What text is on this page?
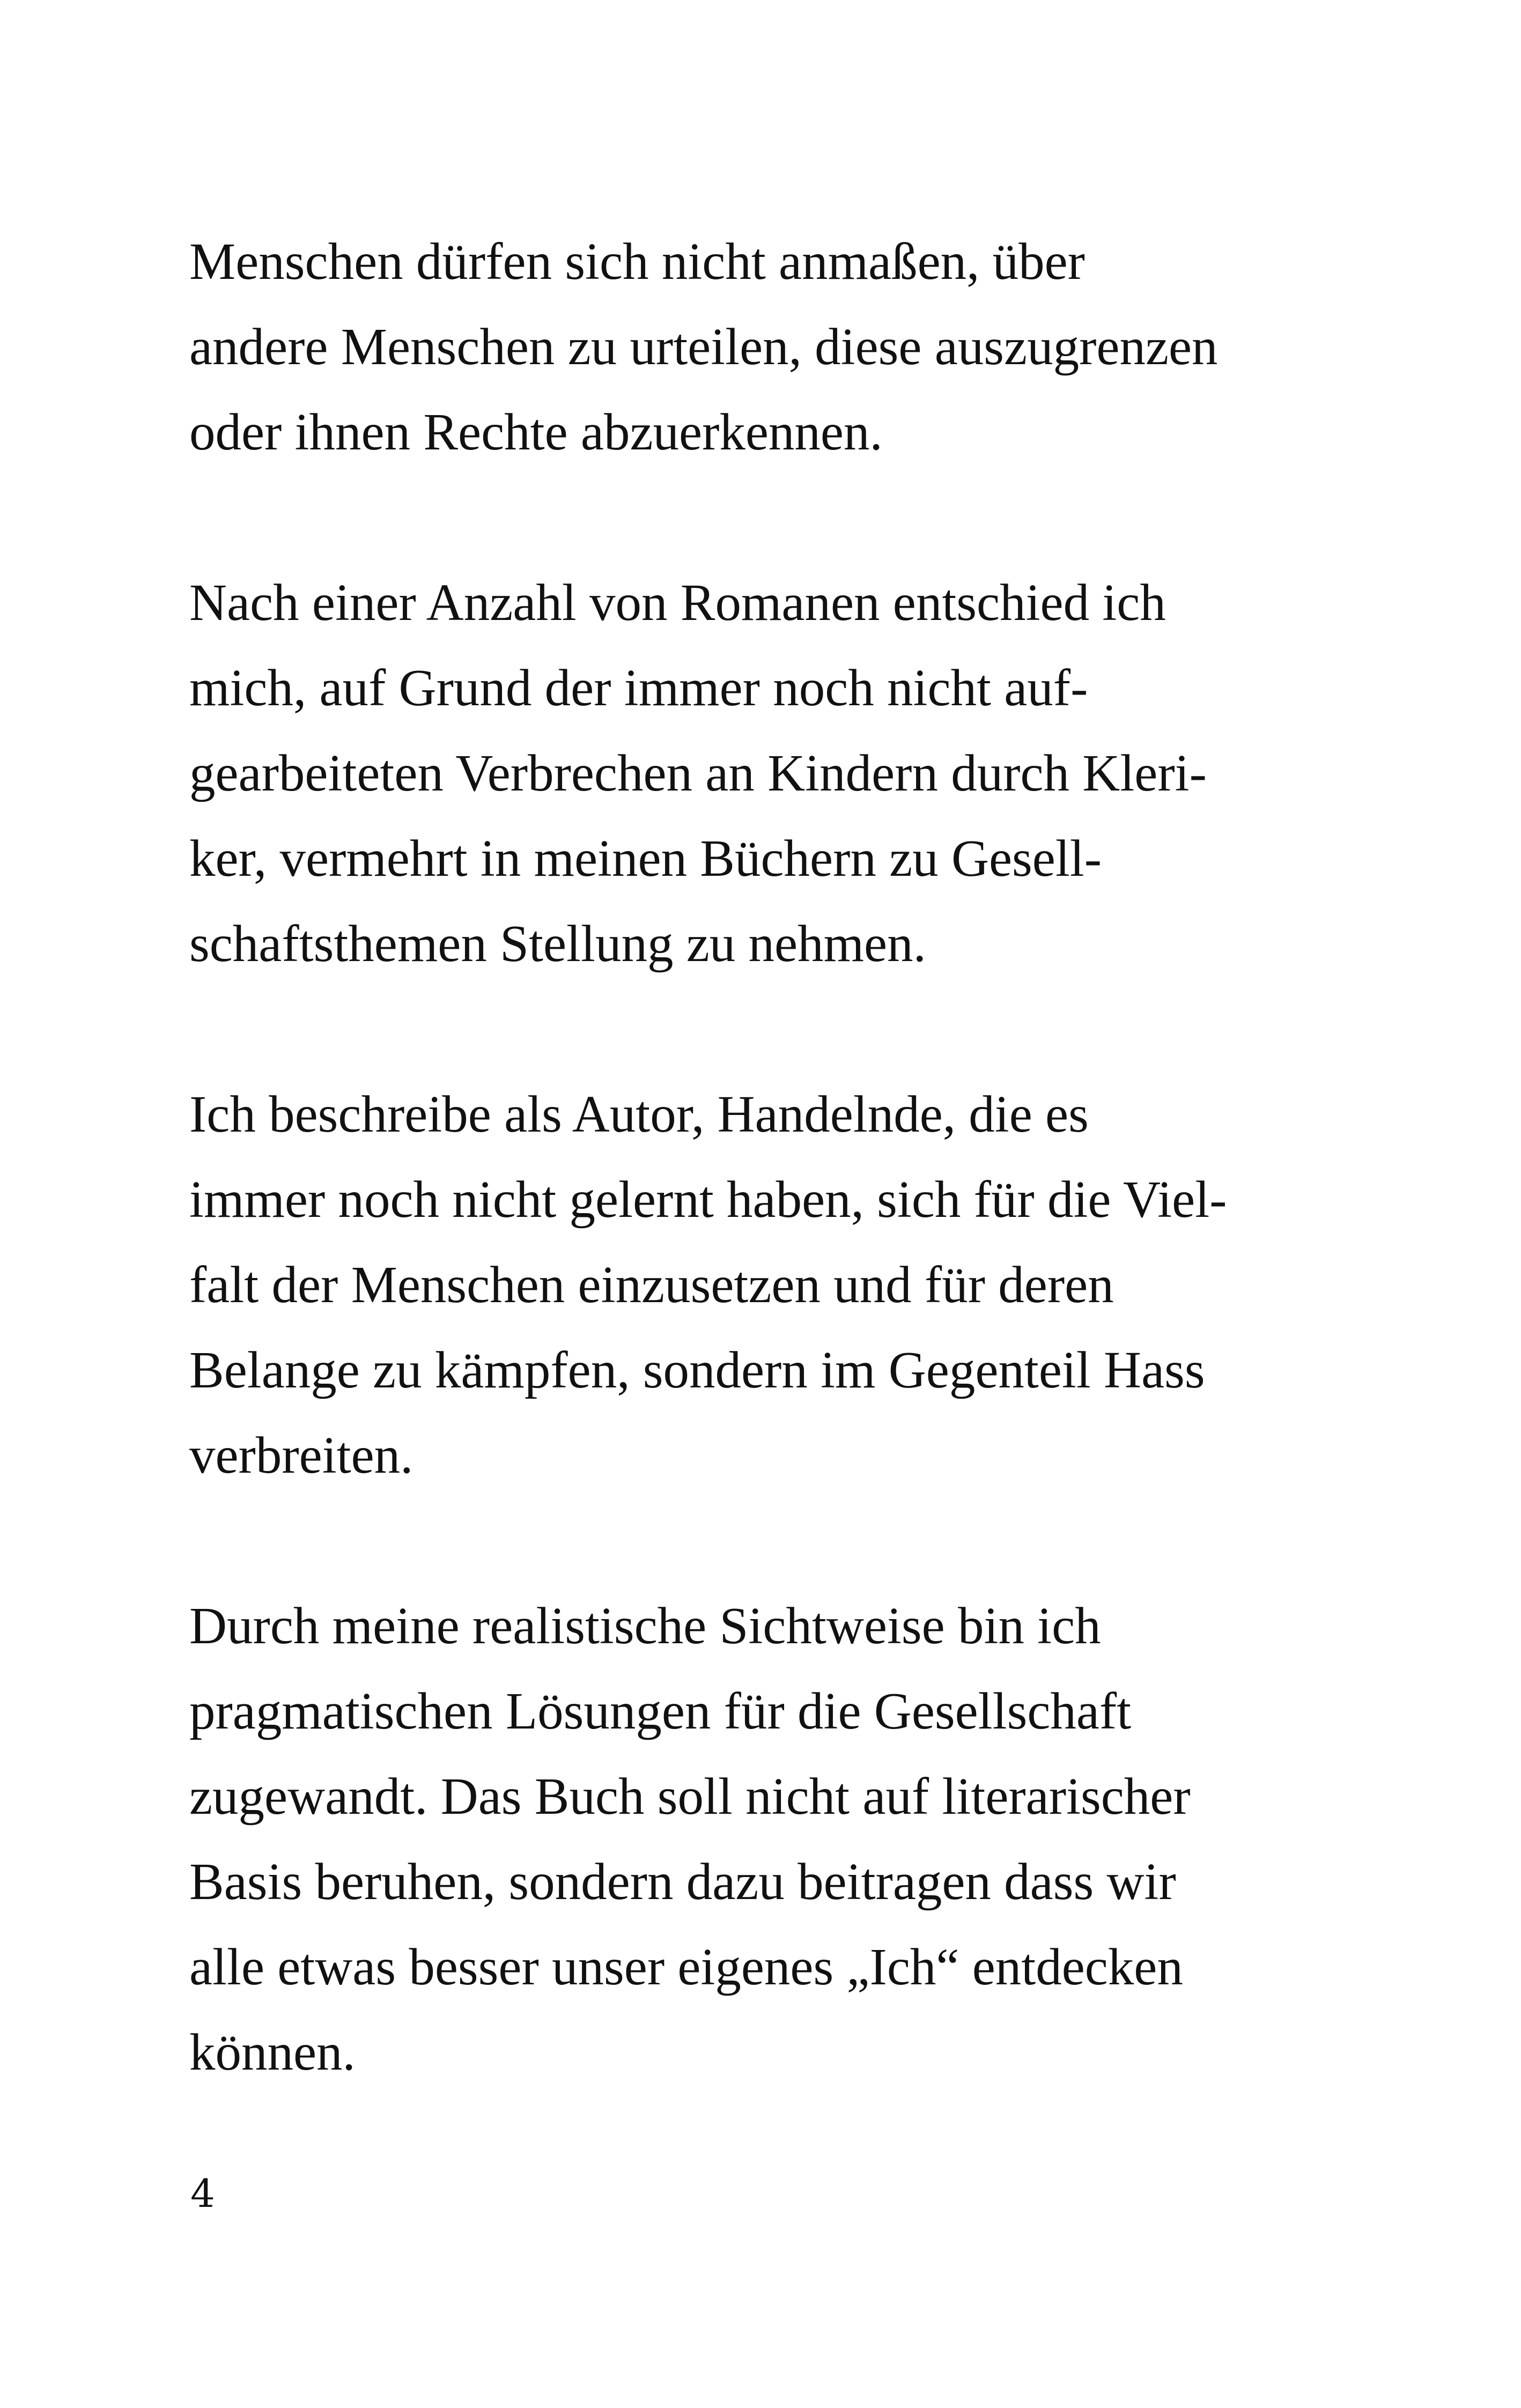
Menschen dürfen sich nicht anmaßen, über
andere Menschen zu urteilen, diese auszugrenzen
oder ihnen Rechte abzuerkennen.

Nach einer Anzahl von Romanen entschied ich
mich, auf Grund der immer noch nicht auf-
gearbeiteten Verbrechen an Kindern durch Kleri-
ker, vermehrt in meinen Büchern zu Gesell-
schaftsthemen Stellung zu nehmen.

Ich beschreibe als Autor, Handelnde, die es
immer noch nicht gelernt haben, sich für die Viel-
falt der Menschen einzusetzen und für deren
Belange zu kämpfen, sondern im Gegenteil Hass
verbreiten.

Durch meine realistische Sichtweise bin ich
pragmatischen Lösungen für die Gesellschaft
zugewandt. Das Buch soll nicht auf literarischer
Basis beruhen, sondern dazu beitragen dass wir
alle etwas besser unser eigenes „Ich“ entdecken
können.

4
